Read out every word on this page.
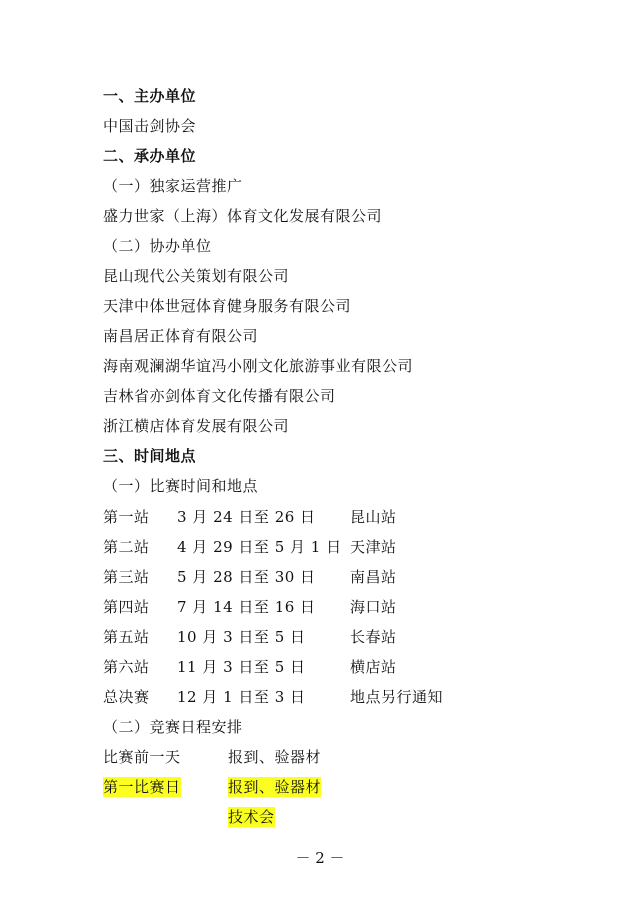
一、主办单位
中国击剑协会
二、承办单位
（一）独家运营推广
盛力世家（上海）体育文化发展有限公司
（二）协办单位
昆山现代公关策划有限公司
天津中体世冠体育健身服务有限公司
南昌居正体育有限公司
海南观澜湖华谊冯小刚文化旅游事业有限公司
吉林省亦剑体育文化传播有限公司
浙江横店体育发展有限公司
三、时间地点
（一）比赛时间和地点
第一站 3 月 24 日至 26 日 昆山站
第二站 4 月 29 日至 5 月 1 日 天津站
第三站 5 月 28 日至 30 日 南昌站
第四站 7 月 14 日至 16 日 海口站
第五站 10 月 3 日至 5 日	长春站
第六站 11 月 3 日至 5 日	横店站
总决赛 12 月 1 日至 3 日	地点另行通知
（二）竞赛日程安排
比赛前一天	报到、验器材
第一比赛日	报到、验器材
技术会
－ 2 －
